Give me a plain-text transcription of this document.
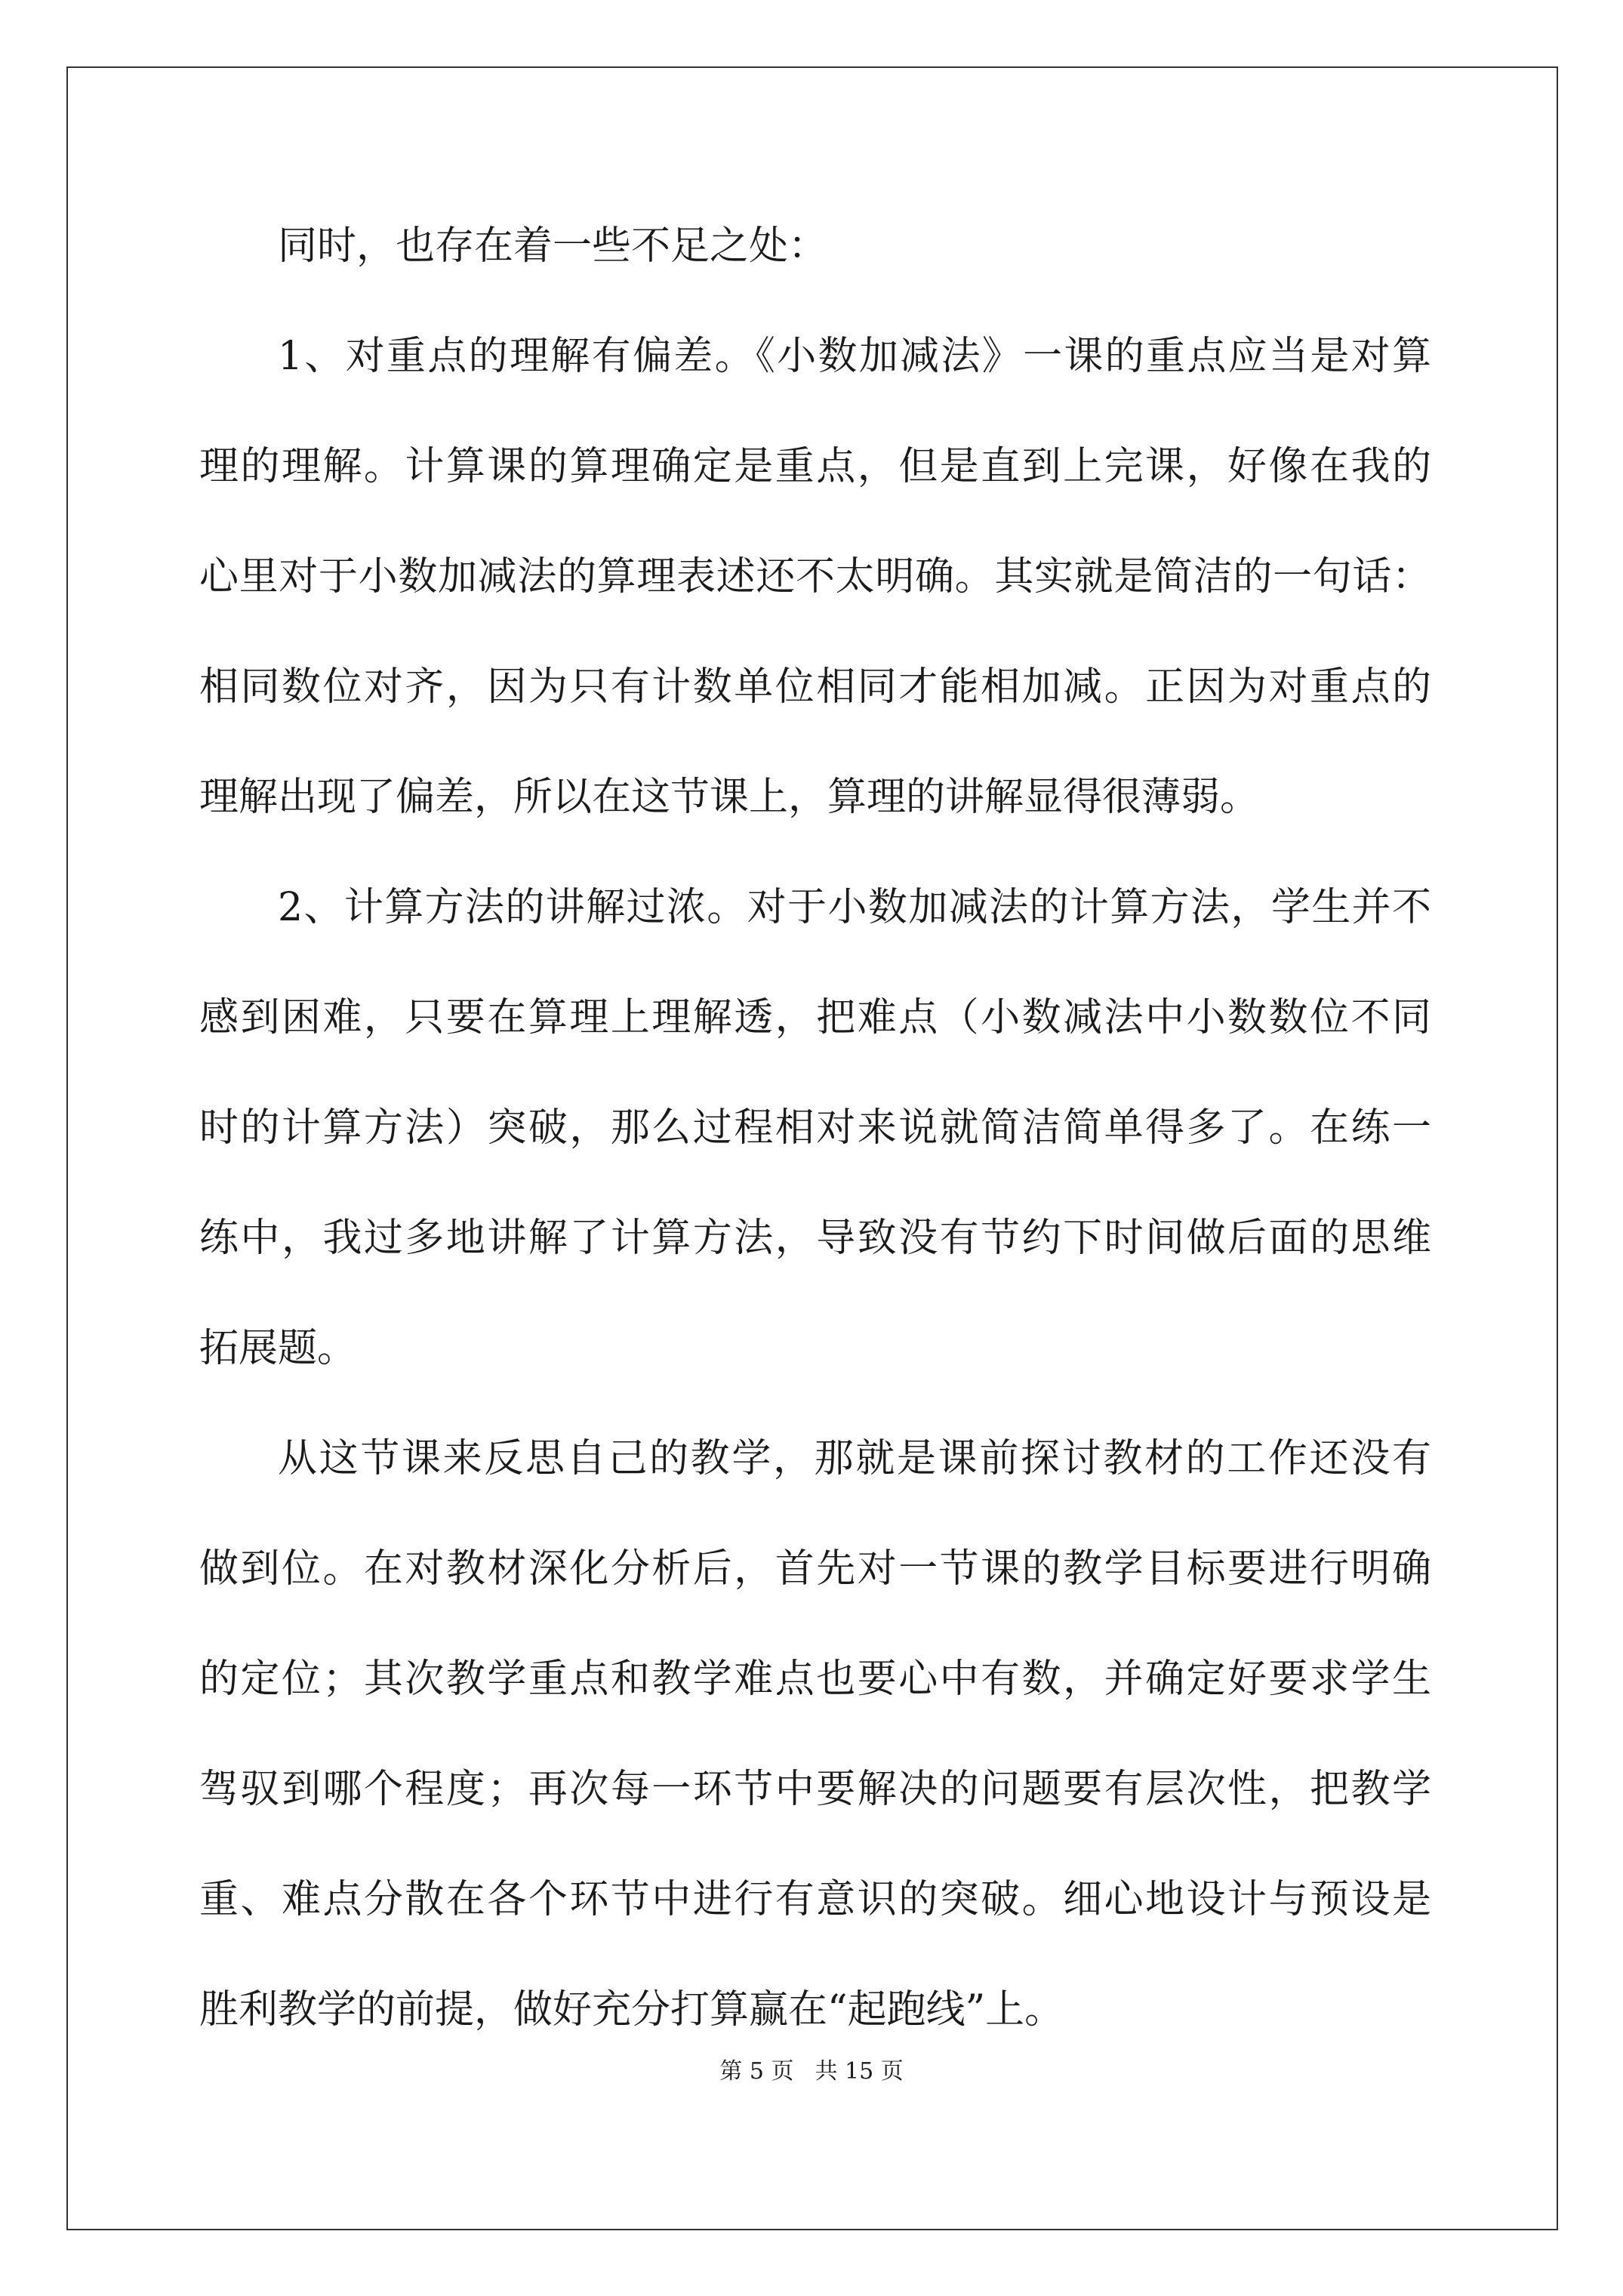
同时，也存在着一些不足之处：

1、对重点的理解有偏差。《小数加减法》一课的重点应当是对算

理的理解。计算课的算理确定是重点，但是直到上完课，好像在我的

心里对于小数加减法的算理表述还不太明确。其实就是简洁的一句话：

相同数位对齐，因为只有计数单位相同才能相加减。正因为对重点的

理解出现了偏差，所以在这节课上，算理的讲解显得很薄弱。

2、计算方法的讲解过浓。对于小数加减法的计算方法，学生并不

感到困难，只要在算理上理解透，把难点（小数减法中小数数位不同

时的计算方法）突破，那么过程相对来说就简洁简单得多了。在练一

练中，我过多地讲解了计算方法，导致没有节约下时间做后面的思维

拓展题。

从这节课来反思自己的教学，那就是课前探讨教材的工作还没有

做到位。在对教材深化分析后，首先对一节课的教学目标要进行明确

的定位；其次教学重点和教学难点也要心中有数，并确定好要求学生

驾驭到哪个程度；再次每一环节中要解决的问题要有层次性，把教学

重、难点分散在各个环节中进行有意识的突破。细心地设计与预设是

胜利教学的前提，做好充分打算赢在“起跑线”上。

第 5 页 共 15 页
